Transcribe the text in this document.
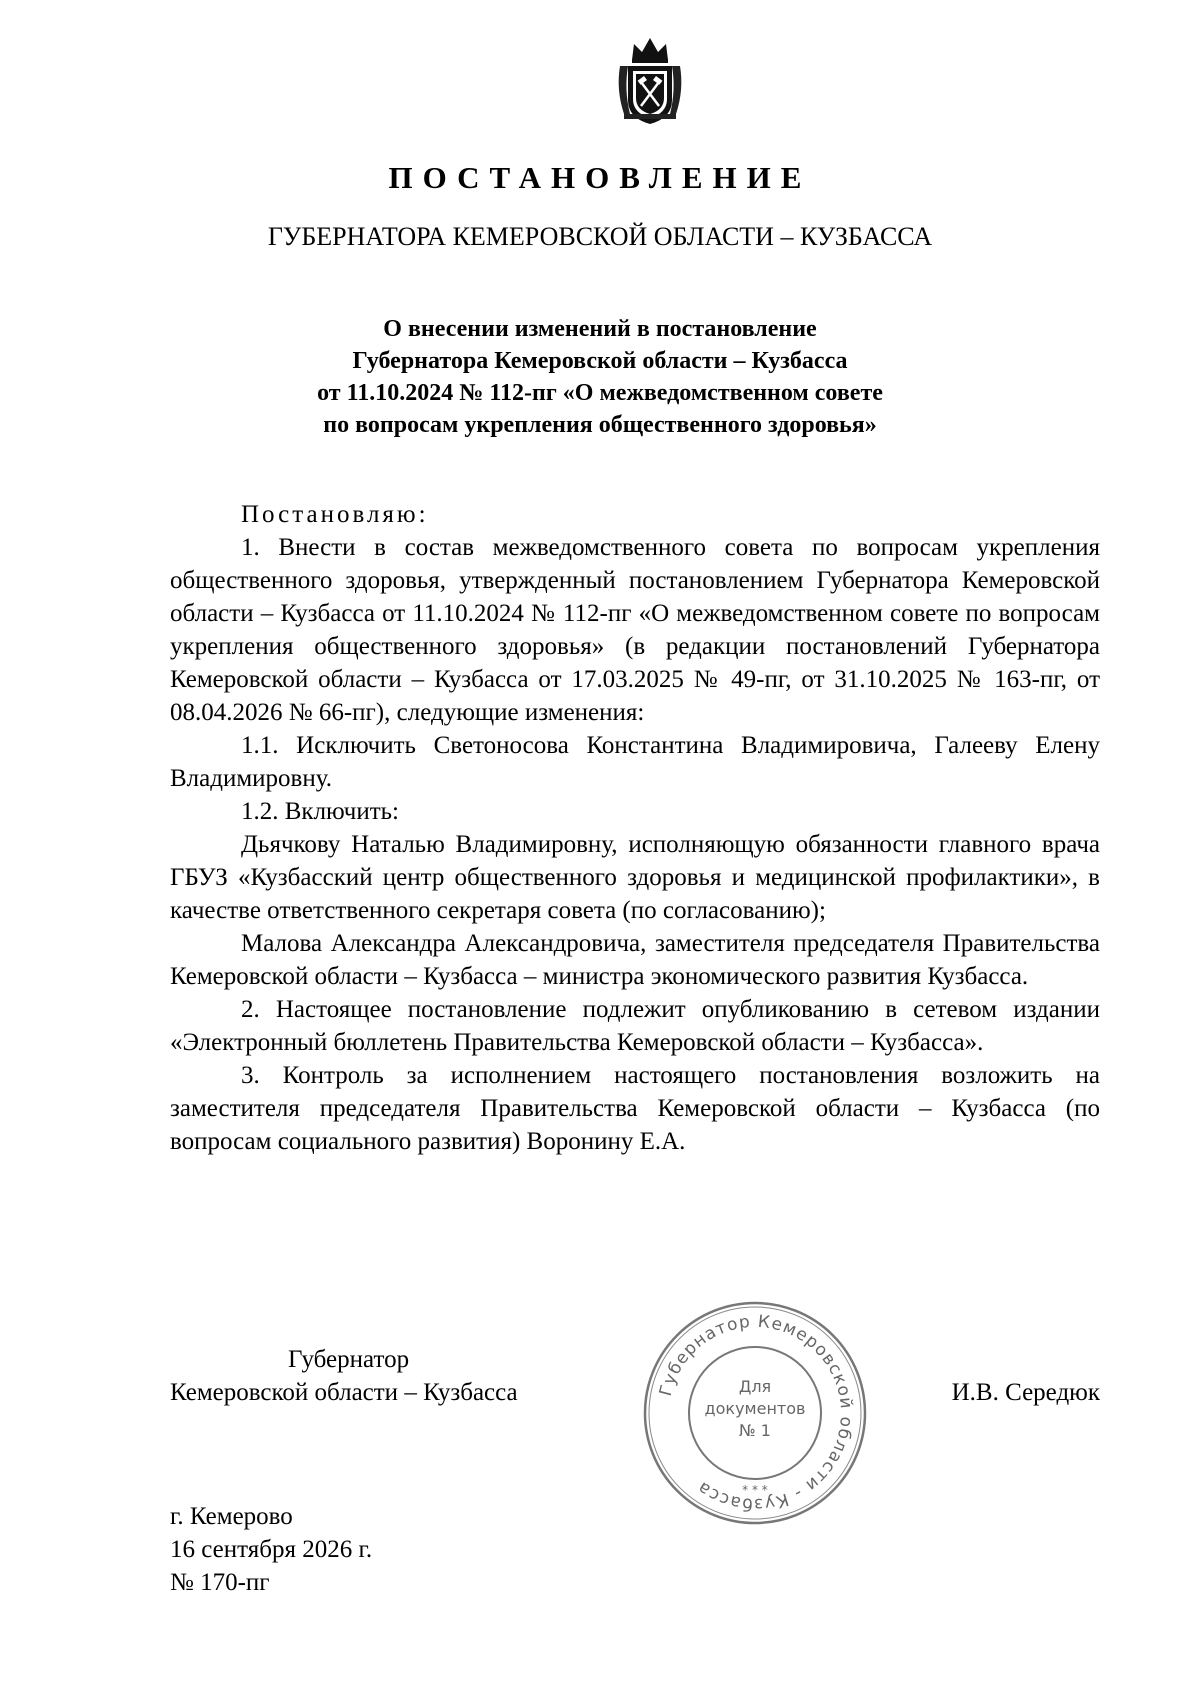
ПОСТАНОВЛЕНИЕ
ГУБЕРНАТОРА КЕМЕРОВСКОЙ ОБЛАСТИ – КУЗБАССА
О внесении изменений в постановление
Губернатора Кемеровской области – Кузбасса
от 11.10.2024 № 112-пг «О межведомственном совете
по вопросам укрепления общественного здоровья»

Постановляю:

1. Внести в состав межведомственного совета по вопросам укрепления общественного здоровья, утвержденный постановлением Губернатора Кемеровской области – Кузбасса от 11.10.2024 № 112-пг «О межведомственном совете по вопросам укрепления общественного здоровья» (в редакции постановлений Губернатора Кемеровской области – Кузбасса от 17.03.2025 № 49-пг, от 31.10.2025 № 163-пг, от 08.04.2026 № 66-пг), следующие изменения:

1.1. Исключить Светоносова Константина Владимировича, Галееву Елену Владимировну.

1.2. Включить:

Дьячкову Наталью Владимировну, исполняющую обязанности главного врача ГБУЗ «Кузбасский центр общественного здоровья и медицинской профилактики», в качестве ответственного секретаря совета (по согласованию);

Малова Александра Александровича, заместителя председателя Правительства Кемеровской области – Кузбасса – министра экономического развития Кузбасса.

2. Настоящее постановление подлежит опубликованию в сетевом издании «Электронный бюллетень Правительства Кемеровской области – Кузбасса».

3. Контроль за исполнением настоящего постановления возложить на заместителя председателя Правительства Кемеровской области – Кузбасса (по вопросам социального развития) Воронину Е.А.

Губернатор
Кемеровской области – Кузбасса	И.В. Середюк
Губернатор Кемеровской области - Кузбасса
Для
документов
№ 1
* * *
г. Кемерово
16 сентября 2026 г.
№ 170-пг
